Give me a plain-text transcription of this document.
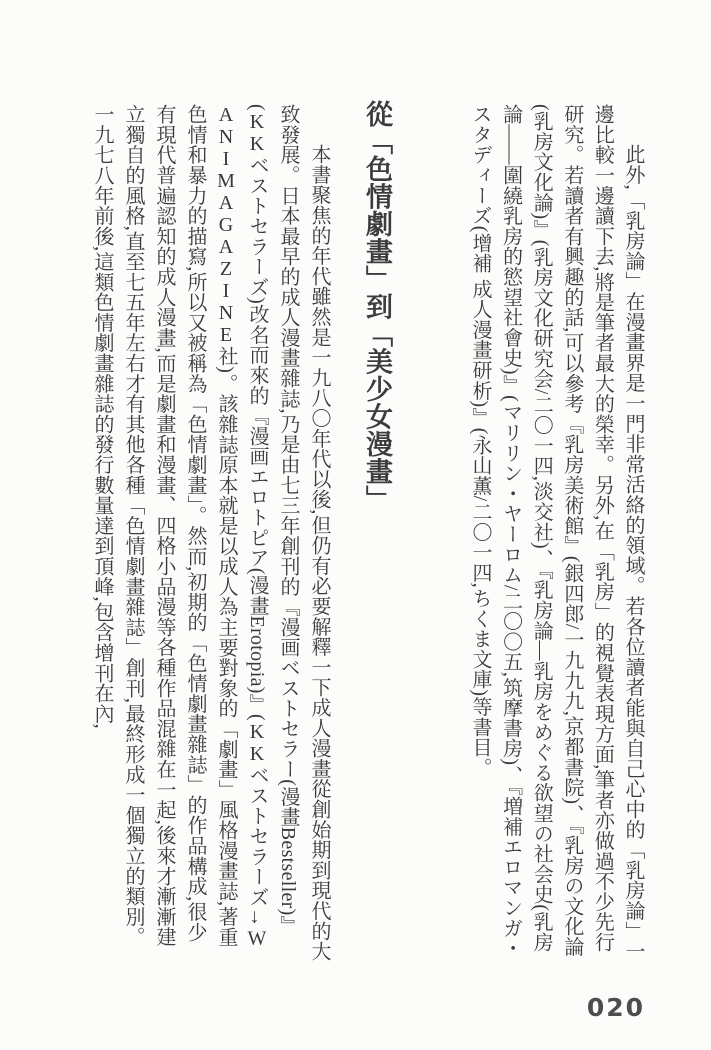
此外,「乳房論」在漫畫界是一門非常活絡的領域。若各位讀者能與自己心中的「乳房論」一邊比較一邊讀下去,將是筆者最大的榮幸。另外,在「乳房」的視覺表現方面,筆者亦做過不少先行研究。若讀者有興趣的話,可以參考『乳房美術館』(銀四郎/一九九九,京都書院)、『乳房の文化論(乳房文化論)』(乳房文化研究会/二〇一四,淡交社)、『乳房論―乳房をめぐる欲望の社会史(乳房論――圍繞乳房的慾望社會史)』(マリリン・ヤーロム/二〇〇五,筑摩書房)、『増補エロマンガ・スタディーズ(增補 成人漫畫研析)』(永山薫/二〇一四,ちくま文庫)等書目。
從「色情劇畫」到「美少女漫畫」
本書聚焦的年代雖然是一九八〇年代以後,但仍有必要解釋一下成人漫畫從創始期到現代的大致發展。日本最早的成人漫畫雜誌,乃是由七三年創刊的『漫画ベストセラー(漫畫Bestseller)』(KKベストセラーズ)改名而來的『漫画エロトピア(漫畫Erotopia)』(KKベストセラーズ→WANIMAGAZINE社)。該雜誌原本就是以成人為主要對象的「劇畫」風格漫畫誌,著重色情和暴力的描寫,所以又被稱為「色情劇畫」。然而,初期的「色情劇畫雜誌」的作品構成,很少有現代普遍認知的成人漫畫,而是劇畫和漫畫、四格小品漫等各種作品混雜在一起,後來才漸漸建立獨自的風格,直至七五年左右才有其他各種「色情劇畫雜誌」創刊,最終形成一個獨立的類別。一九七八年前後,這類色情劇畫雜誌的發行數量達到頂峰,包含增刊在內,
020
